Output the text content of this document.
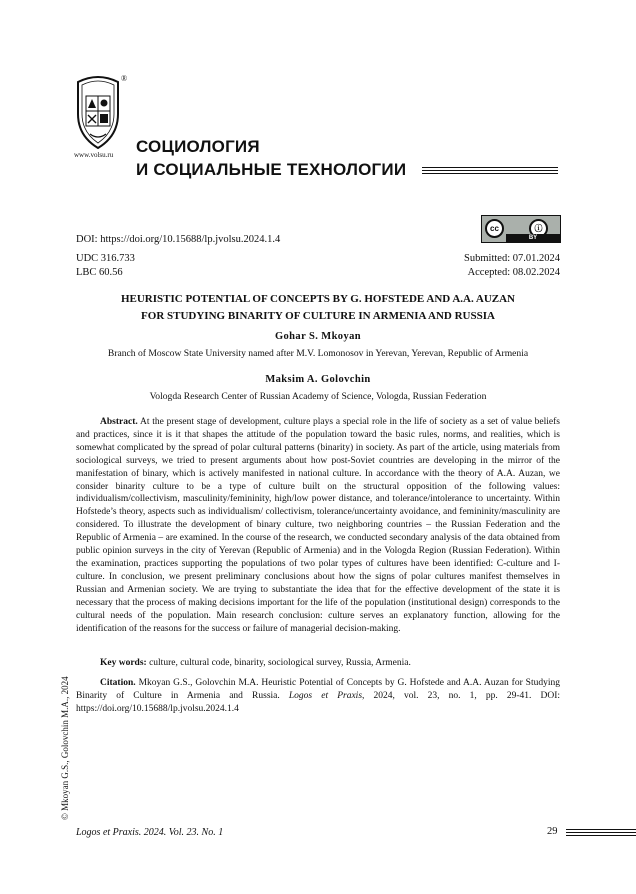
®
www.volsu.ru СОЦИОЛОГИЯ
И СОЦИАЛЬНЫЕ ТЕХНОЛОГИИ
cc	ⓘ
BY
DOI: https://doi.org/10.15688/lp.jvolsu.2024.1.4
UDC 316.733
LBC 60.56
Submitted: 07.01.2024
Accepted: 08.02.2024
HEURISTIC POTENTIAL OF CONCEPTS BY G. HOFSTEDE AND A.A. AUZAN
FOR STUDYING BINARITY OF CULTURE IN ARMENIA AND RUSSIA
Gohar S. Mkoyan
Branch of Moscow State University named after M.V. Lomonosov in Yerevan, Yerevan, Republic of Armenia
Maksim A. Golovchin
Vologda Research Center of Russian Academy of Science, Vologda, Russian Federation

Abstract. At the present stage of development, culture plays a special role in the life of society as a set of value beliefs and practices, since it is it that shapes the attitude of the population toward the basic rules, norms, and realities, which is somewhat complicated by the spread of polar cultural patterns (binarity) in society. As part of the article, using materials from sociological surveys, we tried to present arguments about how post-Soviet countries are developing in the mirror of the manifestation of binary, which is actively manifested in national culture. In accordance with the theory of A.A. Auzan, we consider binarity culture to be a type of culture built on the structural opposition of the following values: individualism/collectivism, masculinity/femininity, high/low power distance, and tolerance/intolerance to uncertainty. Within Hofstede’s theory, aspects such as individualism/ collectivism, tolerance/uncertainty avoidance, and femininity/masculinity are considered. To illustrate the development of binary culture, two neighboring countries – the Russian Federation and the Republic of Armenia – are examined. In the course of the research, we conducted secondary analysis of the data obtained from public opinion surveys in the city of Yerevan (Republic of Armenia) and in the Vologda Region (Russian Federation). Within the examination, practices supporting the populations of two polar types of cultures have been identified: C-culture and I-culture. In conclusion, we present preliminary conclusions about how the signs of polar cultures manifest themselves in Russian and Armenian society. We are trying to substantiate the idea that for the effective development of the state it is necessary that the process of making decisions important for the life of the population (institutional design) corresponds to the cultural needs of the population. Main research conclusion: culture serves an explanatory function, allowing for the identification of the reasons for the success or failure of managerial decision-making.

Key words: culture, cultural code, binarity, sociological survey, Russia, Armenia.

Citation. Mkoyan G.S., Golovchin M.A. Heuristic Potential of Concepts by G. Hofstede and A.A. Auzan for Studying Binarity of Culture in Armenia and Russia. Logos et Praxis, 2024, vol. 23, no. 1, pp. 29-41. DOI: https://doi.org/10.15688/lp.jvolsu.2024.1.4

© Mkoyan G.S., Golovchin M.A., 2024
Logos et Praxis. 2024. Vol. 23. No. 1	29
